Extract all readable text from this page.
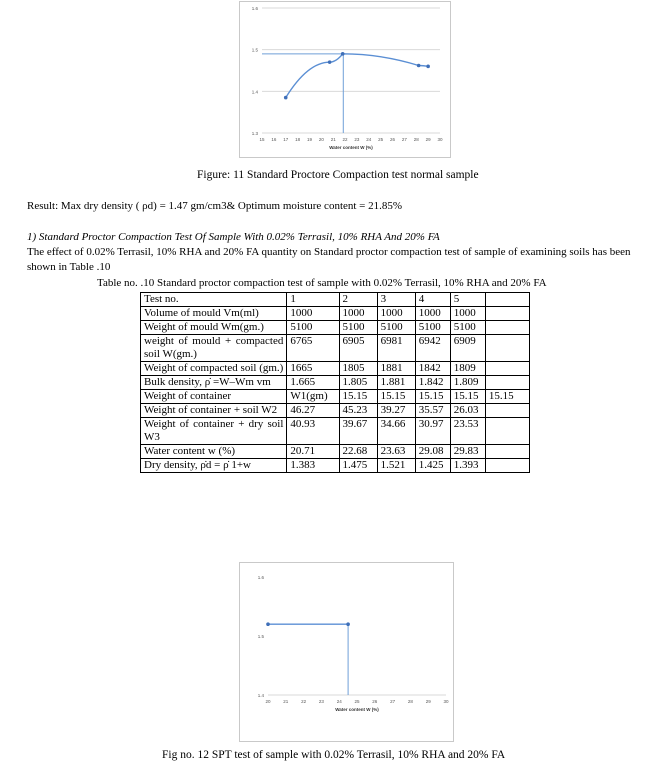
1.3
1.4
1.5
1.6
15 16 17 18 19 20 21 22 23 24 25 26 27 28 29 30
Water content W (%)
Figure: 11 Standard Proctore Compaction test normal sample
Result: Max dry density ( ρd) = 1.47 gm/cm3& Optimum moisture content = 21.85%
1) Standard Proctor Compaction Test Of Sample With 0.02% Terrasil, 10% RHA And 20% FA
The effect of 0.02% Terrasil, 10% RHA and 20% FA quantity on Standard proctor compaction test of sample of examining soils has been shown in Table .10
Table no. .10 Standard proctor compaction test of sample with 0.02% Terrasil, 10% RHA and 20% FA
Test no.	1	2	3	4	5	
Volume of mould Vm(ml)	1000	1000	1000	1000	1000	
Weight of mould Wm(gm.)	5100	5100	5100	5100	5100	
weight of mould + compacted soil W(gm.)	6765	6905	6981	6942	6909	
Weight of compacted soil (gm.)	1665	1805	1881	1842	1809	
Bulk density, ρ̇ =W–Wm vm	1.665	1.805	1.881	1.842	1.809	
Weight of container	W1(gm)	15.15	15.15	15.15	15.15	15.15
Weight of container + soil W2	46.27	45.23	39.27	35.57	26.03	
Weight of container + dry soil W3	40.93	39.67	34.66	30.97	23.53	
Water content w (%)	20.71	22.68	23.63	29.08	29.83	
Dry density, ρ̇d = ρ̇ 1+w	1.383	1.475	1.521	1.425	1.393	
1.4
1.5
1.6
20	21	22	23	24	25	26	27	28	29	30
Water content W (%)
Fig no. 12 SPT test of sample with 0.02% Terrasil, 10% RHA and 20% FA
